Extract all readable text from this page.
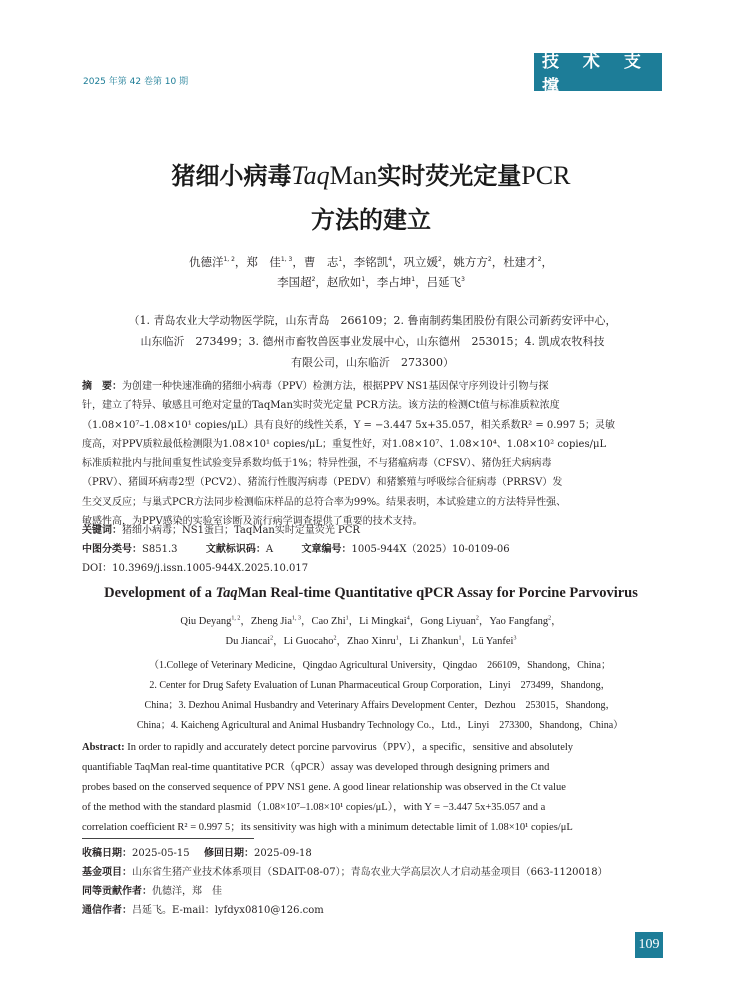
2025 年第 42 卷第 10 期
技 术 支 撑
猪细小病毒TaqMan实时荧光定量PCR
方法的建立
仇德洋$^{1, 2}$，郑　佳$^{1, 3}$，曹　志$^1$，李铭凯$^4$，巩立媛$^2$，姚方方$^2$，杜建才$^2$，
李国超$^2$，赵欣如$^1$，李占坤$^1$，吕延飞$^3$
（1. 青岛农业大学动物医学院，山东青岛　266109；2. 鲁南制药集团股份有限公司新药安评中心，
山东临沂　273499；3. 德州市畜牧兽医事业发展中心，山东德州　253015；4. 凯成农牧科技
有限公司，山东临沂　273300）
摘　要：为创建一种快速准确的猪细小病毒（PPV）检测方法，根据PPV NS1基因保守序列设计引物与探
针，建立了特异、敏感且可绝对定量的TaqMan实时荧光定量 PCR方法。该方法的检测Ct值与标准质粒浓度
（1.08×10⁷–1.08×10¹ copies/μL）具有良好的线性关系，Y = −3.447 5x+35.057，相关系数R² = 0.997 5；灵敏
度高，对PPV质粒最低检测限为1.08×10¹ copies/μL；重复性好，对1.08×10⁷、1.08×10⁴、1.08×10² copies/μL
标准质粒批内与批间重复性试验变异系数均低于1%；特异性强，不与猪瘟病毒（CFSV）、猪伪狂犬病病毒
（PRV）、猪圆环病毒2型（PCV2）、猪流行性腹泻病毒（PEDV）和猪繁殖与呼吸综合征病毒（PRRSV）发
生交叉反应；与巢式PCR方法同步检测临床样品的总符合率为99%。结果表明，本试验建立的方法特异性强、
敏感性高，为PPV感染的实验室诊断及流行病学调查提供了重要的技术支持。
关键词：猪细小病毒；NS1蛋白；TaqMan实时定量荧光 PCR
中图分类号：S851.3	文献标识码：A	文章编号：1005-944X（2025）10-0109-06
DOI：10.3969/j.issn.1005-944X.2025.10.017
Development of a TaqMan Real-time Quantitative qPCR Assay for Porcine Parvovirus
Qiu Deyang$^{1, 2}$，Zheng Jia$^{1, 3}$，Cao Zhi$^1$，Li Mingkai$^4$，Gong Liyuan$^2$，Yao Fangfang$^2$，
Du Jiancai$^2$，Li Guocaho$^2$，Zhao Xinru$^1$，Li Zhankun$^1$，Lü Yanfei$^3$
（1.College of Veterinary Medicine，Qingdao Agricultural University，Qingdao　266109，Shandong，China；
2. Center for Drug Safety Evaluation of Lunan Pharmaceutical Group Corporation，Linyi　273499，Shandong，
China；3. Dezhou Animal Husbandry and Veterinary Affairs Development Center，Dezhou　253015，Shandong，
China；4. Kaicheng Agricultural and Animal Husbandry Technology Co.，Ltd.，Linyi　273300，Shandong，China）
Abstract: In order to rapidly and accurately detect porcine parvovirus（PPV），a specific，sensitive and absolutely
quantifiable TaqMan real-time quantitative PCR（qPCR）assay was developed through designing primers and
probes based on the conserved sequence of PPV NS1 gene. A good linear relationship was observed in the Ct value
of the method with the standard plasmid（1.08×10⁷–1.08×10¹ copies/μL），with Y = −3.447 5x+35.057 and a
correlation coefficient R² = 0.997 5；its sensitivity was high with a minimum detectable limit of 1.08×10¹ copies/μL
收稿日期：2025-05-15 修回日期：2025-09-18
基金项目：山东省生猪产业技术体系项目（SDAIT-08-07）；青岛农业大学高层次人才启动基金项目（663-1120018）
同等贡献作者：仇德洋，郑　佳
通信作者：吕延飞。E-mail：lyfdyx0810@126.com
109
